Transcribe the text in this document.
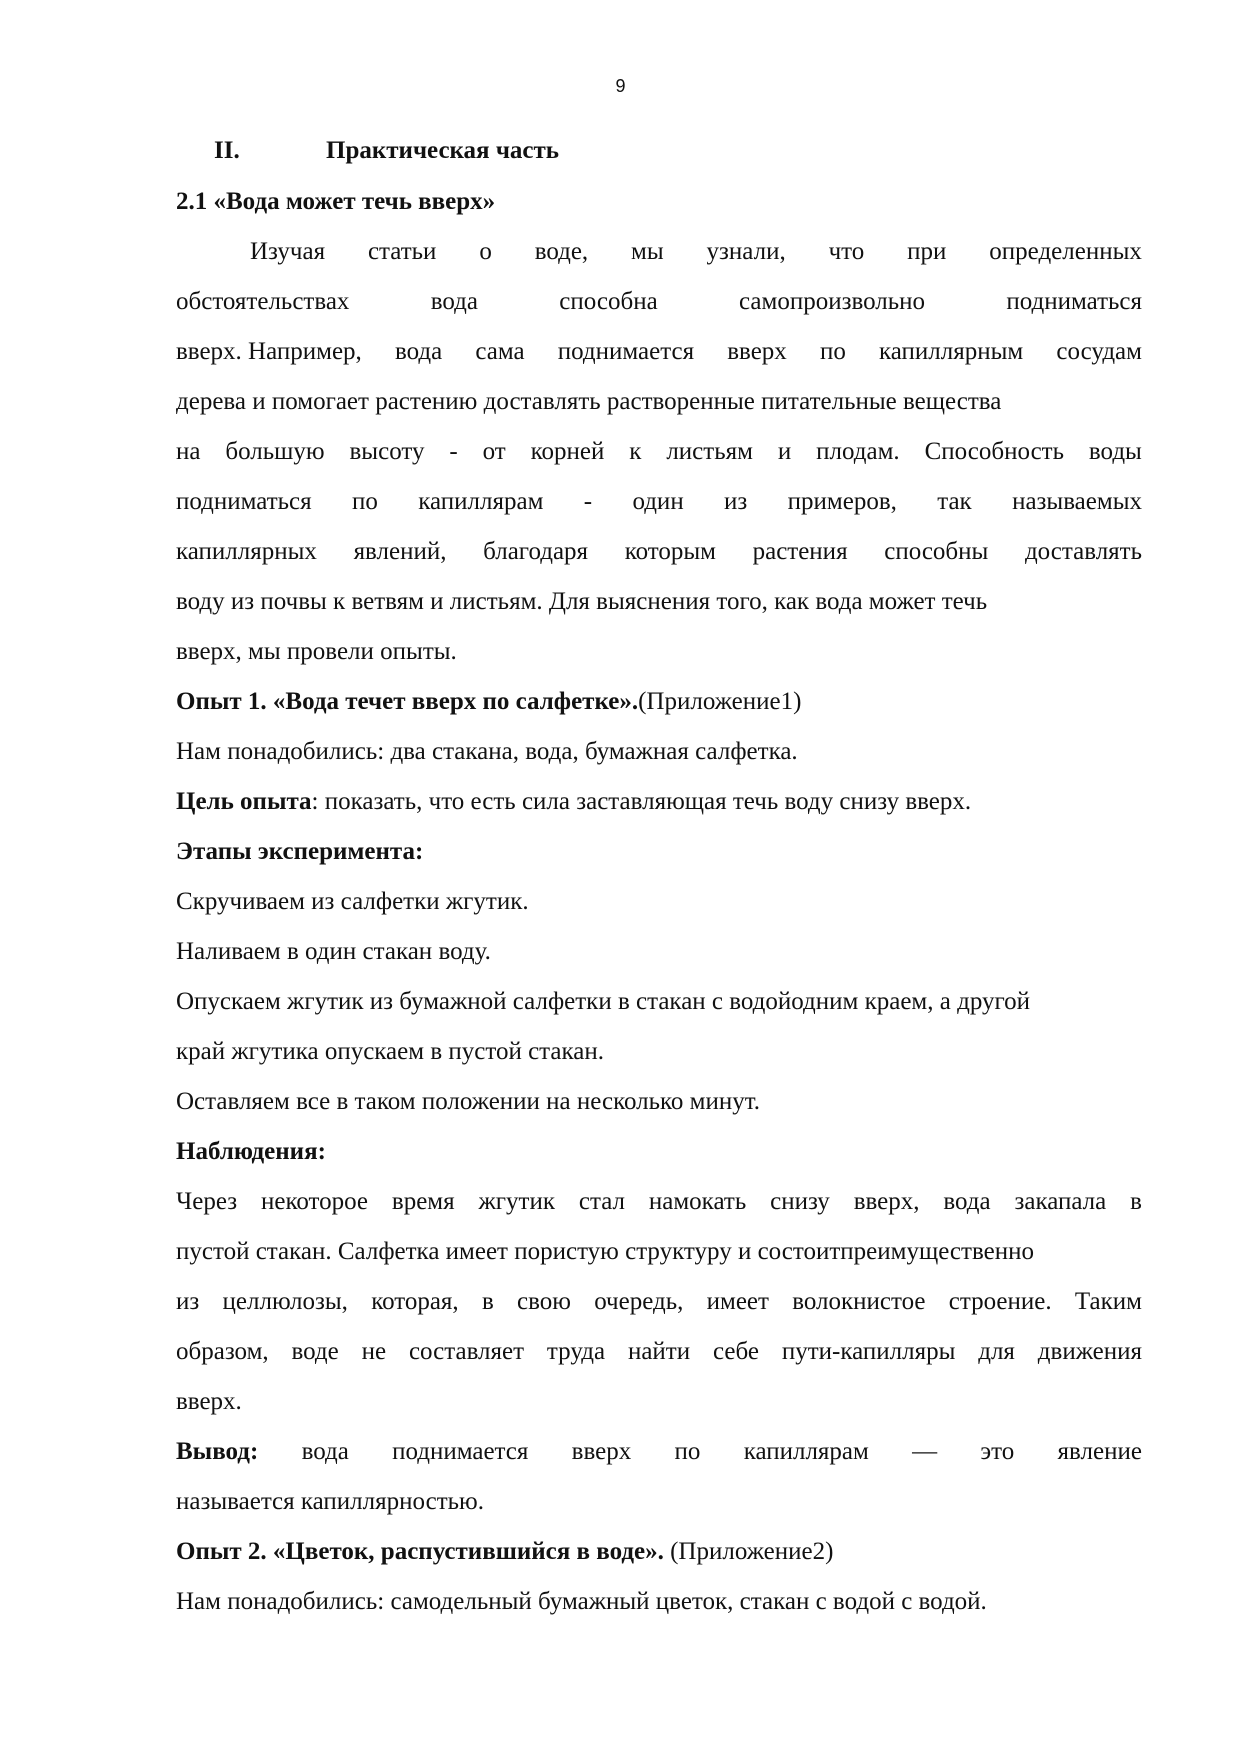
9
II.	Практическая часть
2.1 «Вода может течь вверх»
Изучая статьи о воде, мы узнали, что при определенных
обстоятельствах	вода	способна	самопроизвольно	подниматься
вверх. Например, вода сама поднимается вверх по капиллярным сосудам
дерева и помогает растению доставлять растворенные питательные вещества
на большую высоту - от корней к листьям и плодам. Способность воды
подниматься по капиллярам - один из примеров, так называемых
капиллярных явлений, благодаря которым растения способны доставлять
воду из почвы к ветвям и листьям. Для выяснения того, как вода может течь
вверх, мы провели опыты.
Опыт 1. «Вода течет вверх по салфетке».(Приложение1)
Нам понадобились: два стакана, вода, бумажная салфетка.
Цель опыта: показать, что есть сила заставляющая течь воду снизу вверх.
Этапы эксперимента:
Скручиваем из салфетки жгутик.
Наливаем в один стакан воду.
Опускаем жгутик из бумажной салфетки в стакан с водойодним краем, а другой
край жгутика опускаем в пустой стакан.
Оставляем все в таком положении на несколько минут.
Наблюдения:
Через некоторое время жгутик стал намокать снизу вверх, вода закапала в
пустой стакан. Салфетка имеет пористую структуру и состоитпреимущественно
из целлюлозы, которая, в свою очередь, имеет волокнистое строение. Таким
образом, воде не составляет труда найти себе пути-капилляры для движения
вверх.
Вывод: вода поднимается вверх по капиллярам — это явление
называется капиллярностью.
Опыт 2. «Цветок, распустившийся в воде». (Приложение2)
Нам понадобились: самодельный бумажный цветок, стакан с водой с водой.
